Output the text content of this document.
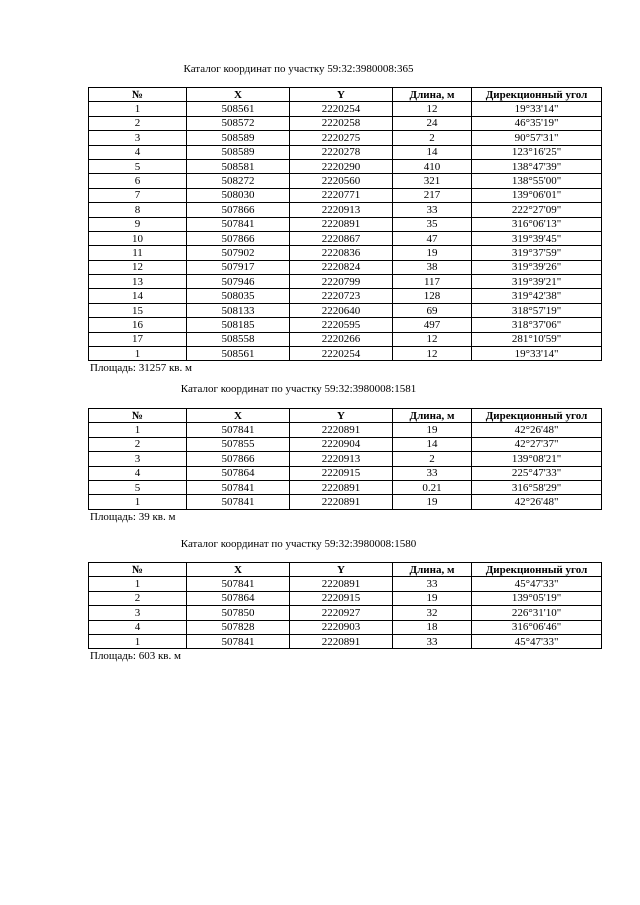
Каталог координат по участку 59:32:3980008:365
№	X	Y	Длина, м	Дирекционный угол
1	508561	2220254	12	19°33'14"
2	508572	2220258	24	46°35'19"
3	508589	2220275	2	90°57'31"
4	508589	2220278	14	123°16'25"
5	508581	2220290	410	138°47'39"
6	508272	2220560	321	138°55'00"
7	508030	2220771	217	139°06'01"
8	507866	2220913	33	222°27'09"
9	507841	2220891	35	316°06'13"
10	507866	2220867	47	319°39'45"
11	507902	2220836	19	319°37'59"
12	507917	2220824	38	319°39'26"
13	507946	2220799	117	319°39'21"
14	508035	2220723	128	319°42'38"
15	508133	2220640	69	318°57'19"
16	508185	2220595	497	318°37'06"
17	508558	2220266	12	281°10'59"
1	508561	2220254	12	19°33'14"
Площадь: 31257 кв. м
Каталог координат по участку 59:32:3980008:1581
№	X	Y	Длина, м	Дирекционный угол
1	507841	2220891	19	42°26'48"
2	507855	2220904	14	42°27'37"
3	507866	2220913	2	139°08'21"
4	507864	2220915	33	225°47'33"
5	507841	2220891	0.21	316°58'29"
1	507841	2220891	19	42°26'48"
Площадь: 39 кв. м
Каталог координат по участку 59:32:3980008:1580
№	X	Y	Длина, м	Дирекционный угол
1	507841	2220891	33	45°47'33"
2	507864	2220915	19	139°05'19"
3	507850	2220927	32	226°31'10"
4	507828	2220903	18	316°06'46"
1	507841	2220891	33	45°47'33"
Площадь: 603 кв. м
